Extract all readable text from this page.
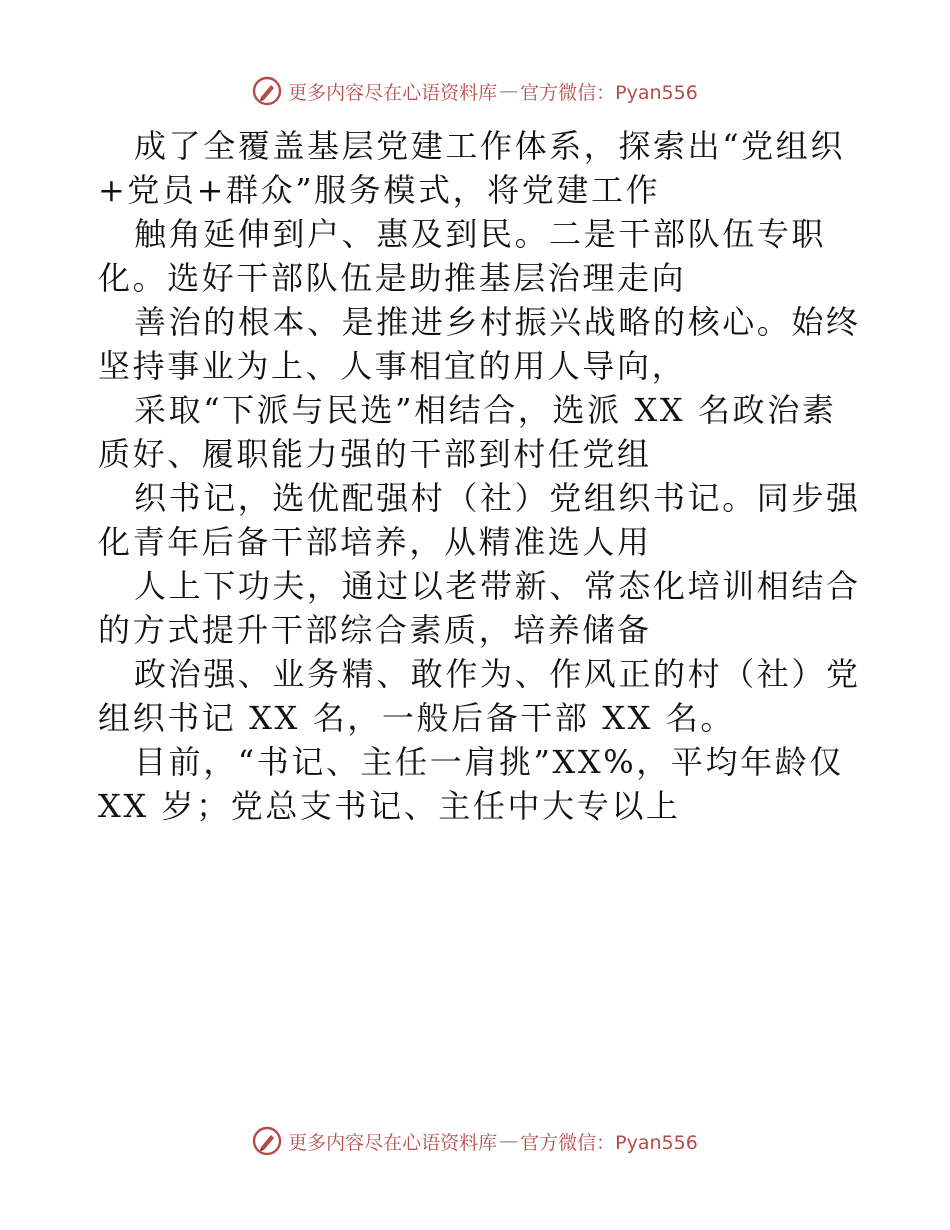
更多内容尽在心语资料库 — 官方微信：Pyan556

成了全覆盖基层党建工作体系，探索出“党组织
+党员+群众”服务模式，将党建工作

触角延伸到户、惠及到民。二是干部队伍专职
化。选好干部队伍是助推基层治理走向

善治的根本、是推进乡村振兴战略的核心。始终
坚持事业为上、人事相宜的用人导向，

采取“下派与民选”相结合，选派 XX 名政治素
质好、履职能力强的干部到村任党组

织书记，选优配强村（社）党组织书记。同步强
化青年后备干部培养，从精准选人用

人上下功夫，通过以老带新、常态化培训相结合
的方式提升干部综合素质，培养储备

政治强、业务精、敢作为、作风正的村（社）党
组织书记 XX 名，一般后备干部 XX 名。

目前，“书记、主任一肩挑”XX%，平均年龄仅
XX 岁；党总支书记、主任中大专以上

更多内容尽在心语资料库 — 官方微信：Pyan556
